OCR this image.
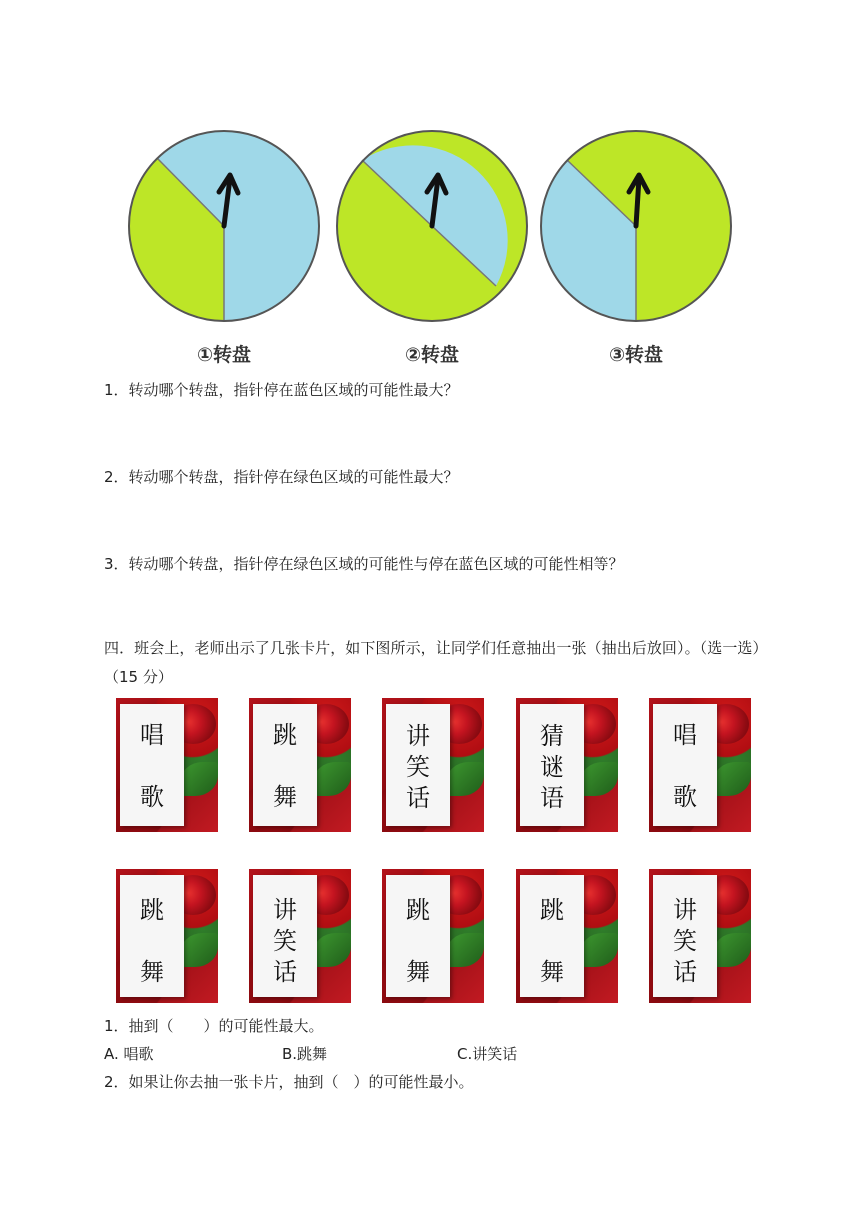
①转盘	②转盘	③转盘
1．转动哪个转盘，指针停在蓝色区域的可能性最大？
2．转动哪个转盘，指针停在绿色区域的可能性最大？
3．转动哪个转盘，指针停在绿色区域的可能性与停在蓝色区域的可能性相等？
四．班会上，老师出示了几张卡片，如下图所示，让同学们任意抽出一张（抽出后放回）。（选一选）（15 分）
唱
歌
跳
舞
讲
笑
话
猜
谜
语
唱
歌
跳
舞
讲
笑
话
跳
舞
跳
舞
讲
笑
话
1．抽到（　　）的可能性最大。
A. 唱歌	B.跳舞	C.讲笑话
2．如果让你去抽一张卡片，抽到（　）的可能性最小。
